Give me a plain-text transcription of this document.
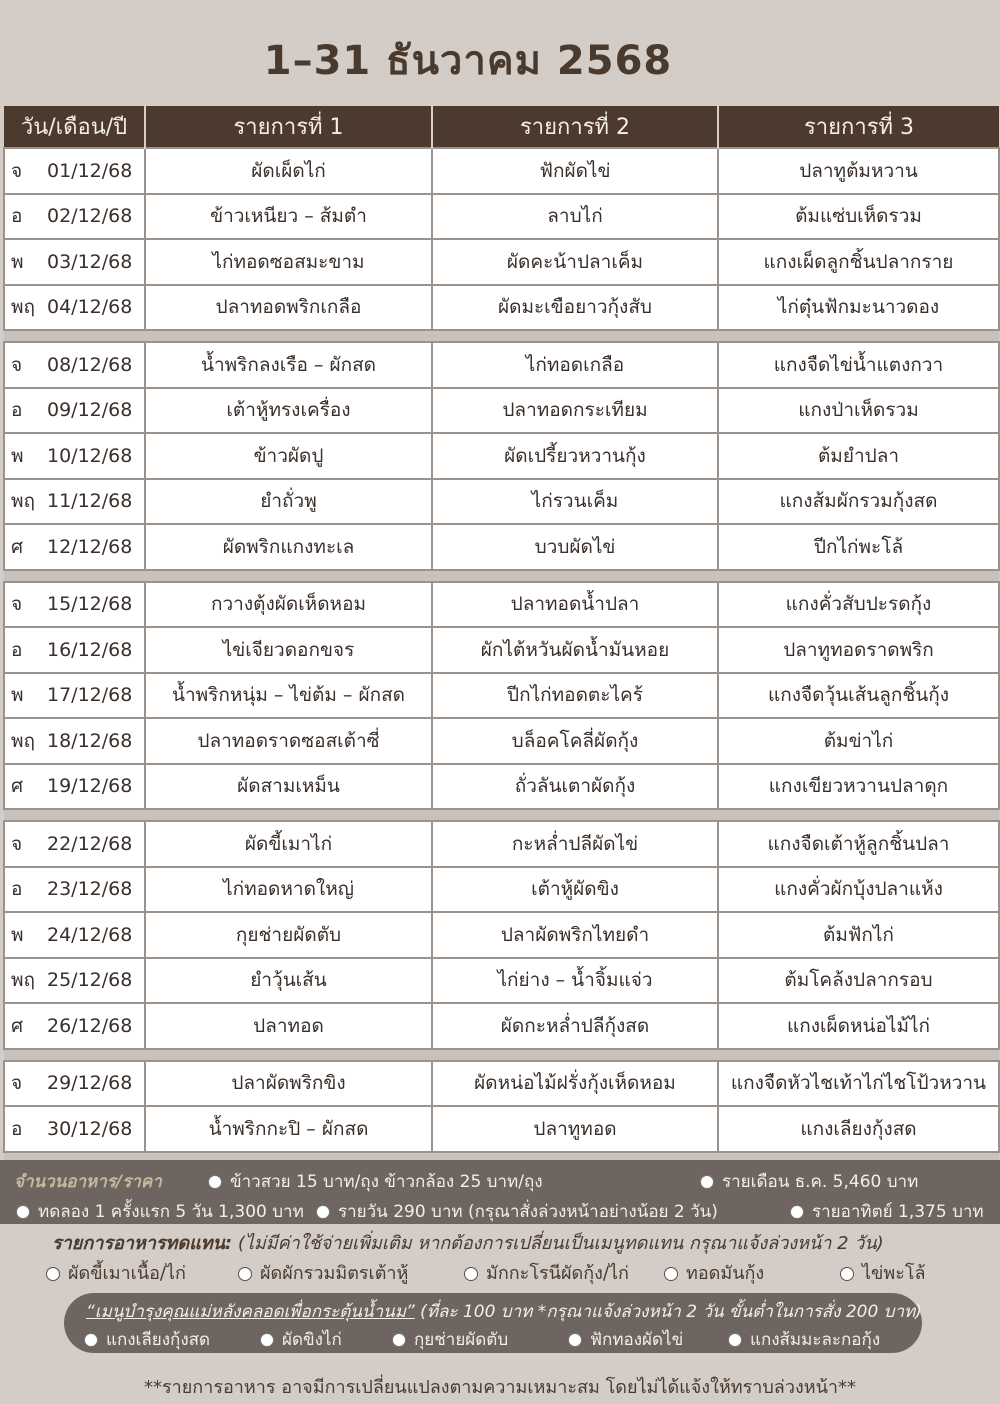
1–31 ธันวาคม 2568
วัน/เดือน/ปี	รายการที่ 1	รายการที่ 2	รายการที่ 3
จ 01/12/68	ผัดเผ็ดไก่	ฟักผัดไข่	ปลาทูต้มหวาน
อ 02/12/68	ข้าวเหนียว – ส้มตำ	ลาบไก่	ต้มแซ่บเห็ดรวม
พ 03/12/68	ไก่ทอดซอสมะขาม	ผัดคะน้าปลาเค็ม	แกงเผ็ดลูกชิ้นปลากราย
พฤ 04/12/68	ปลาทอดพริกเกลือ	ผัดมะเขือยาวกุ้งสับ	ไก่ตุ๋นฟักมะนาวดอง

จ 08/12/68	น้ำพริกลงเรือ – ผักสด	ไก่ทอดเกลือ	แกงจืดไข่น้ำแตงกวา
อ 09/12/68	เต้าหู้ทรงเครื่อง	ปลาทอดกระเทียม	แกงป่าเห็ดรวม
พ 10/12/68	ข้าวผัดปู	ผัดเปรี้ยวหวานกุ้ง	ต้มยำปลา
พฤ 11/12/68	ยำถั่วพู	ไก่รวนเค็ม	แกงส้มผักรวมกุ้งสด
ศ 12/12/68	ผัดพริกแกงทะเล	บวบผัดไข่	ปีกไก่พะโล้

จ 15/12/68	กวางตุ้งผัดเห็ดหอม	ปลาทอดน้ำปลา	แกงคั่วสับปะรดกุ้ง
อ 16/12/68	ไข่เจียวดอกขจร	ผักไต้หวันผัดน้ำมันหอย	ปลาทูทอดราดพริก
พ 17/12/68	น้ำพริกหนุ่ม – ไข่ต้ม – ผักสด	ปีกไก่ทอดตะไคร้	แกงจืดวุ้นเส้นลูกชิ้นกุ้ง
พฤ 18/12/68	ปลาทอดราดซอสเต้าซี่	บล็อคโคลี่ผัดกุ้ง	ต้มข่าไก่
ศ 19/12/68	ผัดสามเหม็น	ถั่วลันเตาผัดกุ้ง	แกงเขียวหวานปลาดุก

จ 22/12/68	ผัดขี้เมาไก่	กะหล่ำปลีผัดไข่	แกงจืดเต้าหู้ลูกชิ้นปลา
อ 23/12/68	ไก่ทอดหาดใหญ่	เต้าหู้ผัดขิง	แกงคั่วผักบุ้งปลาแห้ง
พ 24/12/68	กุยช่ายผัดตับ	ปลาผัดพริกไทยดำ	ต้มฟักไก่
พฤ 25/12/68	ยำวุ้นเส้น	ไก่ย่าง – น้ำจิ้มแจ่ว	ต้มโคล้งปลากรอบ
ศ 26/12/68	ปลาทอด	ผัดกะหล่ำปลีกุ้งสด	แกงเผ็ดหน่อไม้ไก่

จ 29/12/68	ปลาผัดพริกขิง	ผัดหน่อไม้ฝรั่งกุ้งเห็ดหอม	แกงจืดหัวไชเท้าไก่ไชโป้วหวาน
อ 30/12/68	น้ำพริกกะปิ – ผักสด	ปลาทูทอด	แกงเลียงกุ้งสด

จำนวนอาหาร/ราคา	ข้าวสวย 15 บาท/ถุง ข้าวกล้อง 25 บาท/ถุง	รายเดือน ธ.ค. 5,460 บาท
ทดลอง 1 ครั้งแรก 5 วัน 1,300 บาท	รายวัน 290 บาท (กรุณาสั่งล่วงหน้าอย่างน้อย 2 วัน)	รายอาทิตย์ 1,375 บาท
รายการอาหารทดแทน: (ไม่มีค่าใช้จ่ายเพิ่มเติม หากต้องการเปลี่ยนเป็นเมนูทดแทน กรุณาแจ้งล่วงหน้า 2 วัน)
ผัดขี้เมาเนื้อ/ไก่	ผัดผักรวมมิตรเต้าหู้	มักกะโรนีผัดกุ้ง/ไก่	ทอดมันกุ้ง	ไข่พะโล้
“เมนูบำรุงคุณแม่หลังคลอดเพื่อกระตุ้นน้ำนม” (ที่ละ 100 บาท *กรุณาแจ้งล่วงหน้า 2 วัน ขั้นต่ำในการสั่ง 200 บาท)
แกงเลียงกุ้งสด	ผัดขิงไก่	กุยช่ายผัดตับ	ฟักทองผัดไข่	แกงส้มมะละกอกุ้ง
**รายการอาหาร อาจมีการเปลี่ยนแปลงตามความเหมาะสม โดยไม่ได้แจ้งให้ทราบล่วงหน้า**
